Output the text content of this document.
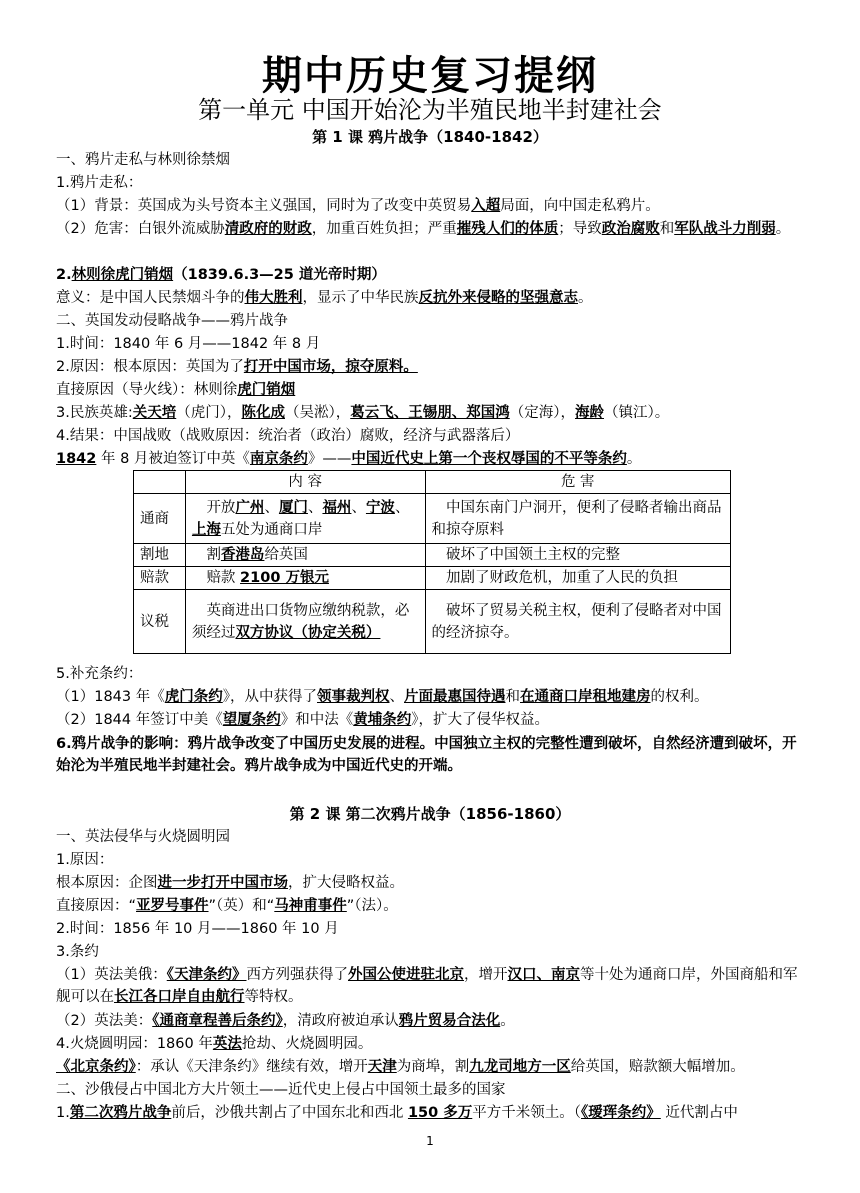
期中历史复习提纲
第一单元 中国开始沦为半殖民地半封建社会
第 1 课 鸦片战争（1840-1842）
一、鸦片走私与林则徐禁烟
1.鸦片走私：
（1）背景：英国成为头号资本主义强国，同时为了改变中英贸易入超局面，向中国走私鸦片。
（2）危害：白银外流威胁清政府的财政，加重百姓负担；严重摧残人们的体质；导致政治腐败和军队战斗力削弱。
2.林则徐虎门销烟（1839.6.3—25 道光帝时期）
意义：是中国人民禁烟斗争的伟大胜利，显示了中华民族反抗外来侵略的坚强意志。
二、英国发动侵略战争——鸦片战争
1.时间：1840 年 6 月——1842 年 8 月
2.原因：根本原因：英国为了打开中国市场，掠夺原料。
直接原因（导火线）：林则徐虎门销烟
3.民族英雄:关天培（虎门），陈化成（吴淞），葛云飞、王锡朋、郑国鸿（定海），海龄（镇江）。
4.结果：中国战败（战败原因：统治者（政治）腐败，经济与武器落后）
1842 年 8 月被迫签订中英《南京条约》——中国近代史上第一个丧权辱国的不平等条约。
	内 容	危 害
通商	开放广州、厦门、福州、宁波、上海五处为通商口岸	中国东南门户洞开，便利了侵略者输出商品和掠夺原料
割地	割香港岛给英国	破坏了中国领土主权的完整
赔款	赔款 2100 万银元	加剧了财政危机，加重了人民的负担
议税	英商进出口货物应缴纳税款，必须经过双方协议（协定关税）	破坏了贸易关税主权，便利了侵略者对中国的经济掠夺。
5.补充条约：
（1）1843 年《虎门条约》，从中获得了领事裁判权、片面最惠国待遇和在通商口岸租地建房的权利。
（2）1844 年签订中美《望厦条约》和中法《黄埔条约》，扩大了侵华权益。
6.鸦片战争的影响：鸦片战争改变了中国历史发展的进程。中国独立主权的完整性遭到破坏，自然经济遭到破坏，开始沦为半殖民地半封建社会。鸦片战争成为中国近代史的开端。
第 2 课 第二次鸦片战争（1856-1860）
一、英法侵华与火烧圆明园
1.原因：
根本原因：企图进一步打开中国市场，扩大侵略权益。
直接原因：“亚罗号事件”（英）和“马神甫事件”（法）。
2.时间：1856 年 10 月——1860 年 10 月
3.条约
（1）英法美俄：《天津条约》西方列强获得了外国公使进驻北京，增开汉口、南京等十处为通商口岸，外国商船和军舰可以在长江各口岸自由航行等特权。
（2）英法美：《通商章程善后条约》，清政府被迫承认鸦片贸易合法化。
4.火烧圆明园：1860 年英法抢劫、火烧圆明园。
《北京条约》：承认《天津条约》继续有效，增开天津为商埠，割九龙司地方一区给英国，赔款额大幅增加。
二、沙俄侵占中国北方大片领土——近代史上侵占中国领土最多的国家
1.第二次鸦片战争前后，沙俄共割占了中国东北和西北 150 多万平方千米领土。（《瑷珲条约》 近代割占中
1
